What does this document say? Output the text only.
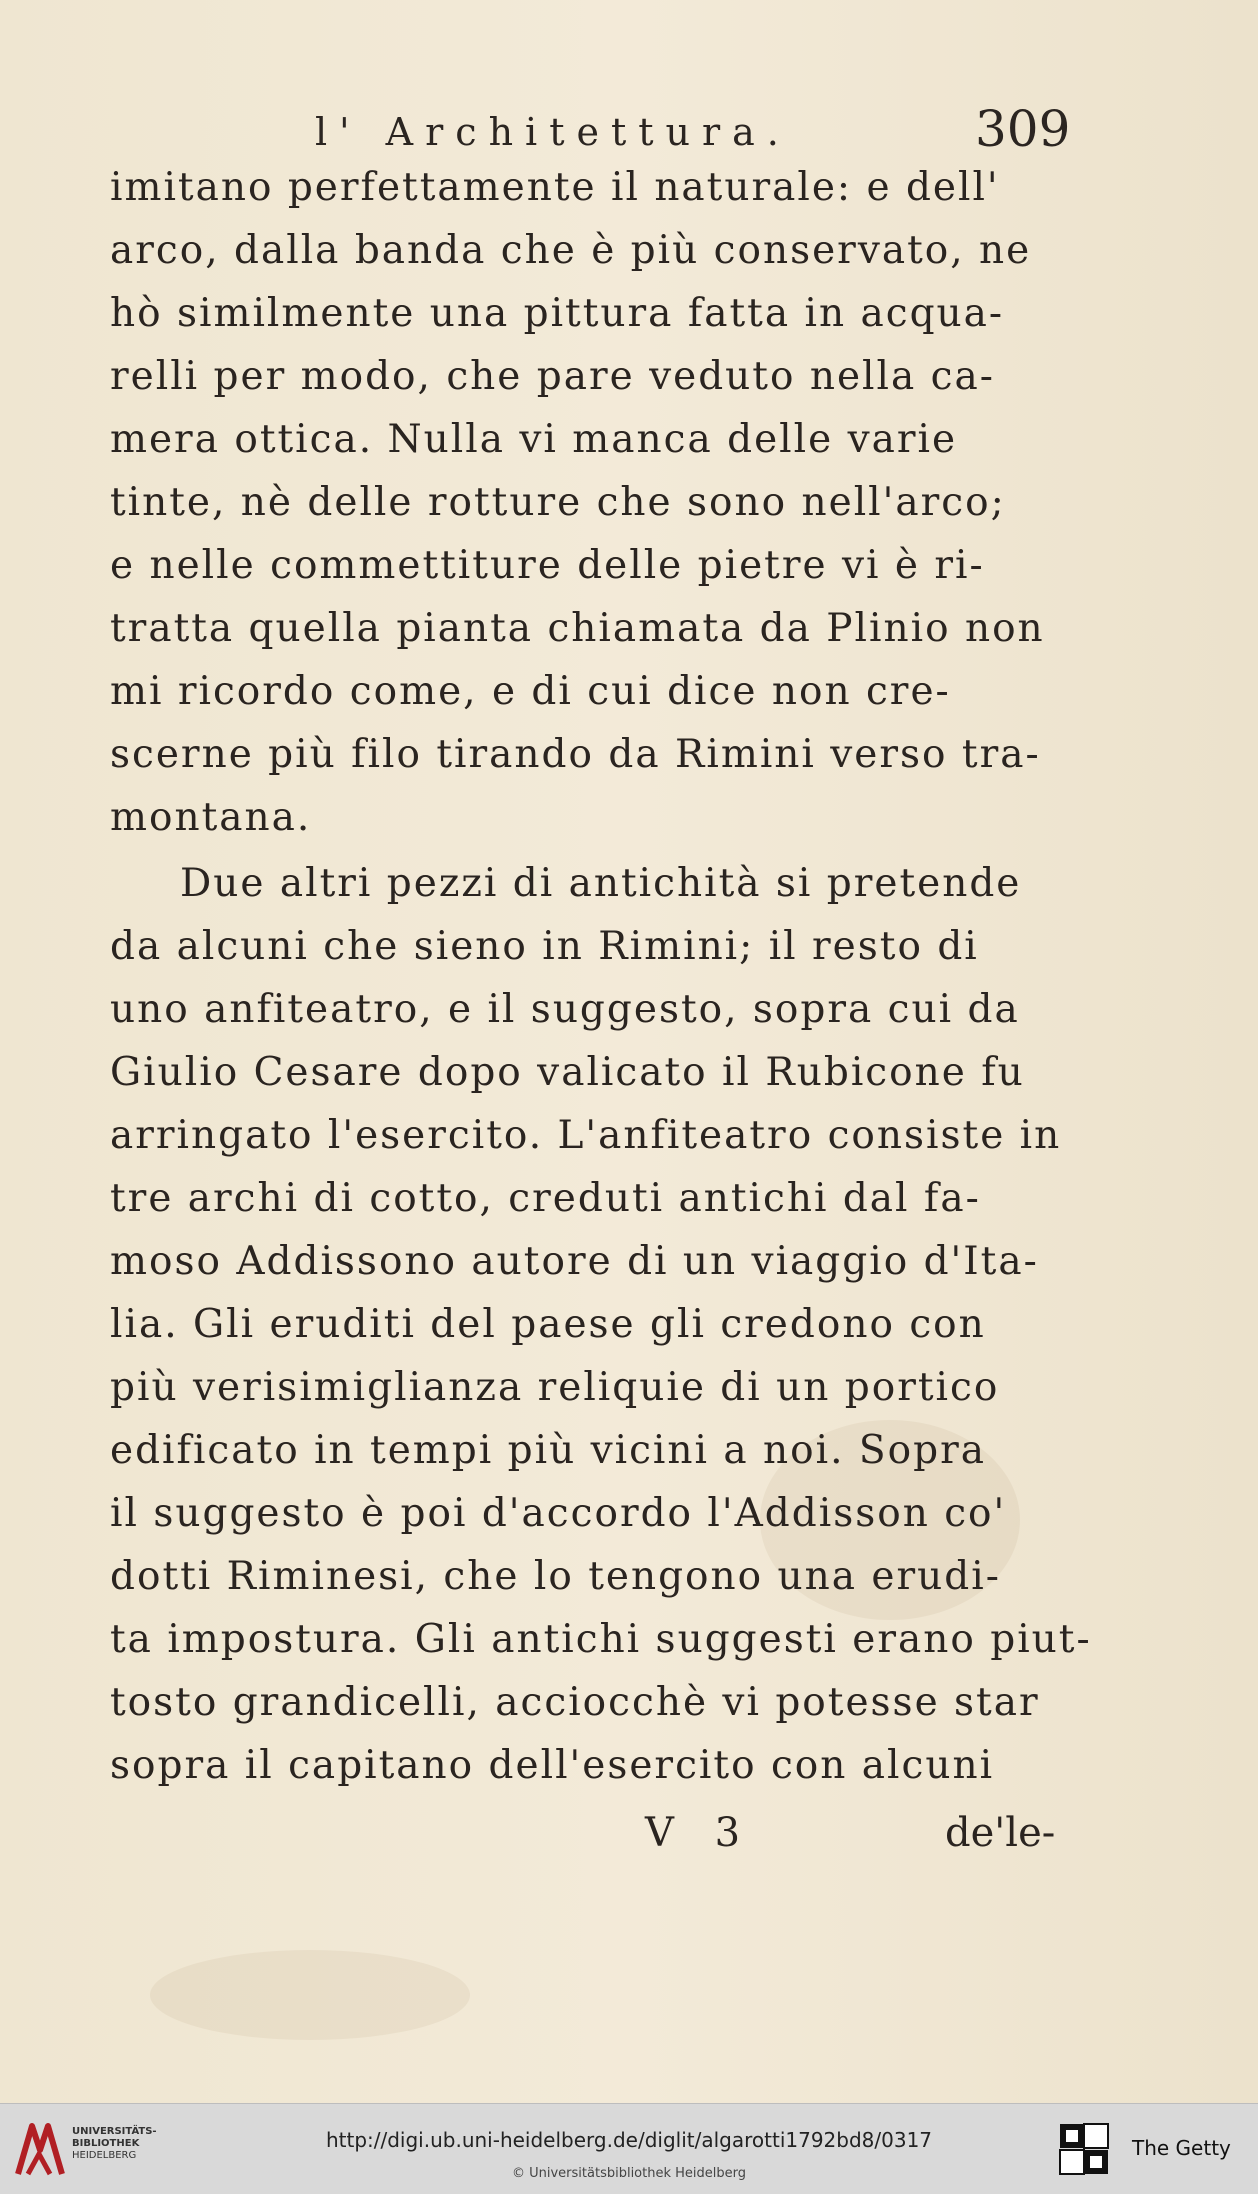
l' Architettura.	309
imitano perfettamente il naturale: e dell'
arco, dalla banda che è più conservato, ne
hò similmente una pittura fatta in acqua-
relli per modo, che pare veduto nella ca-
mera ottica. Nulla vi manca delle varie
tinte, nè delle rotture che sono nell'arco;
e nelle commettiture delle pietre vi è ri-
tratta quella pianta chiamata da Plinio non
mi ricordo come, e di cui dice non cre-
scerne più filo tirando da Rimini verso tra-
montana.
Due altri pezzi di antichità si pretende
da alcuni che sieno in Rimini; il resto di
uno anfiteatro, e il suggesto, sopra cui da
Giulio Cesare dopo valicato il Rubicone fu
arringato l'esercito. L'anfiteatro consiste in
tre archi di cotto, creduti antichi dal fa-
moso Addissono autore di un viaggio d'Ita-
lia. Gli eruditi del paese gli credono con
più verisimiglianza reliquie di un portico
edificato in tempi più vicini a noi. Sopra
il suggesto è poi d'accordo l'Addisson co'
dotti Riminesi, che lo tengono una erudi-
ta impostura. Gli antichi suggesti erano piut-
tosto grandicelli, acciocchè vi potesse star
sopra il capitano dell'esercito con alcuni
V 3	de'le-
UNIVERSITÄTS-
BIBLIOTHEK
HEIDELBERG
http://digi.ub.uni-heidelberg.de/diglit/algarotti1792bd8/0317
© Universitätsbibliothek Heidelberg
The Getty
